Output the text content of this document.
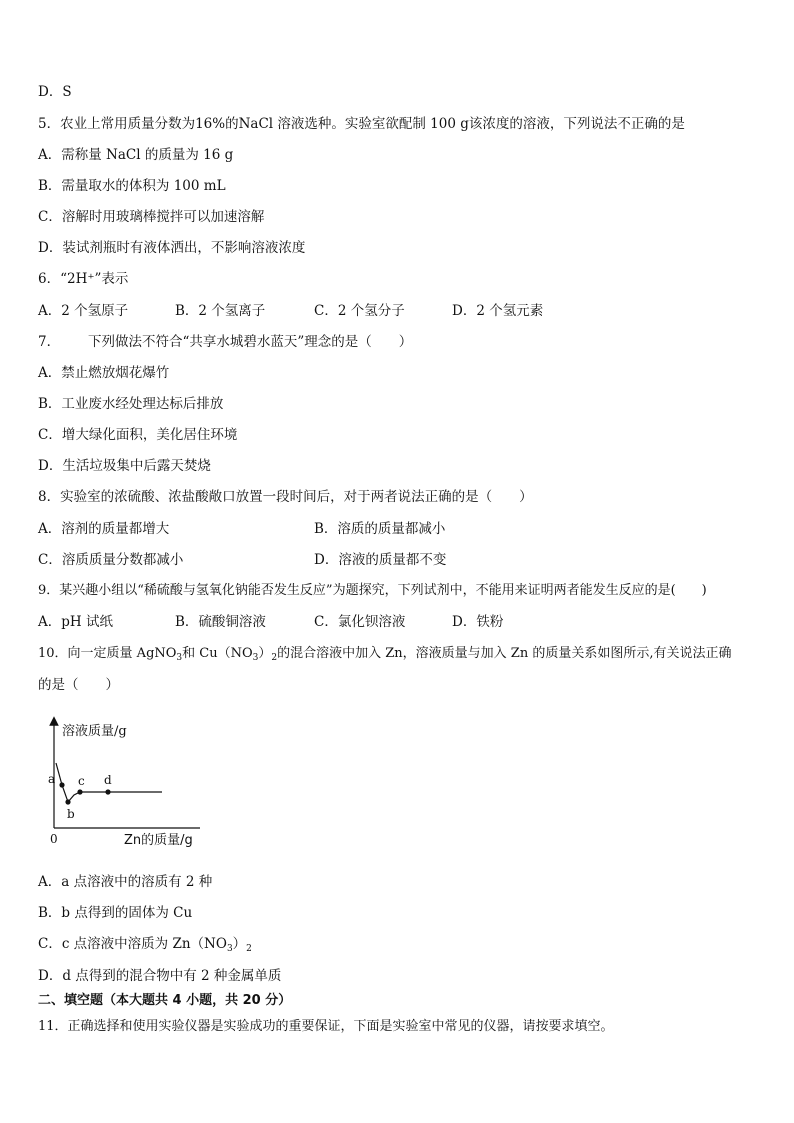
D．S
5．农业上常用质量分数为16%的NaCl 溶液选种。实验室欲配制 100 g该浓度的溶液，下列说法不正确的是
A．需称量 NaCl 的质量为 16 g
B．需量取水的体积为 100 mL
C．溶解时用玻璃棒搅拌可以加速溶解
D．装试剂瓶时有液体洒出，不影响溶液浓度
6．“2H⁺”表示
A．2 个氢原子	B．2 个氢离子	C．2 个氢分子	D．2 个氢元素
7． 下列做法不符合“共享水城碧水蓝天”理念的是（　　）
A．禁止燃放烟花爆竹
B．工业废水经处理达标后排放
C．增大绿化面积，美化居住环境
D．生活垃圾集中后露天焚烧
8．实验室的浓硫酸、浓盐酸敞口放置一段时间后，对于两者说法正确的是（　　）
A．溶剂的质量都增大	B．溶质的质量都减小
C．溶质质量分数都减小	D．溶液的质量都不变
9．某兴趣小组以“稀硫酸与氢氧化钠能否发生反应”为题探究，下列试剂中，不能用来证明两者能发生反应的是(　　)
A．pH 试纸	B．硫酸铜溶液	C．氯化钡溶液	D．铁粉
10．向一定质量 AgNO$_3$和 $Cu(NO_3)_2$的混合溶液中加入 Zn，溶液质量与加入 Zn 的质量关系如图所示,有关说法正确
的是（　　）
溶液质量/g
0
a
b
c d
Zn的质量/g
A．a 点溶液中的溶质有 2 种
B．b 点得到的固体为 Cu
C．c 点溶液中溶质为 $Zn(NO_3)_2$
D．d 点得到的混合物中有 2 种金属单质
二、填空题（本大题共 4 小题，共 20 分）
11．正确选择和使用实验仪器是实验成功的重要保证，下面是实验室中常见的仪器，请按要求填空。
